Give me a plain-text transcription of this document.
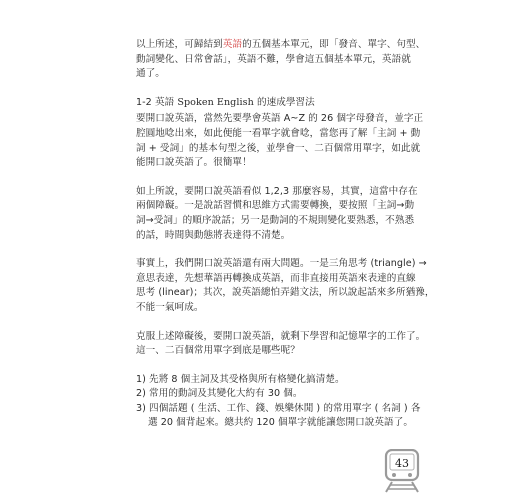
以上所述，可歸結到英語的五個基本單元，即「發音、單字、句型、
動詞變化、日常會話」，英語不難，學會這五個基本單元，英語就
通了。

1-2 英語 Spoken English 的速成學習法

要開口說英語，當然先要學會英語 A~Z 的 26 個字母發音，並字正
腔圓地唸出來，如此便能一看單字就會唸，當您再了解「主詞 + 動
詞 + 受詞」的基本句型之後，並學會一、二百個常用單字，如此就
能開口說英語了。很簡單！

如上所說，要開口說英語看似 1,2,3 那麼容易，其實，這當中存在
兩個障礙。一是說話習慣和思維方式需要轉換，要按照「主詞→動
詞→受詞」的順序說話；另一是動詞的不規則變化要熟悉，不熟悉
的話，時間與動態將表達得不清楚。

事實上，我們開口說英語還有兩大問題。一是三角思考 (triangle) →
意思表達，先想華語再轉換成英語，而非直接用英語來表達的直線
思考 (linear)；其次，說英語總怕弄錯文法，所以說起話來多所猶豫，
不能一氣呵成。

克服上述障礙後，要開口說英語，就剩下學習和記憶單字的工作了。
這一、二百個常用單字到底是哪些呢？

1) 先將 8 個主詞及其受格與所有格變化搞清楚。
2) 常用的動詞及其變化大約有 30 個。
3) 四個話題 ( 生活、工作、錢、娛樂休閒 ) 的常用單字 ( 名詞 ) 各
選 20 個背起來。總共約 120 個單字就能讓您開口說英語了。
43
